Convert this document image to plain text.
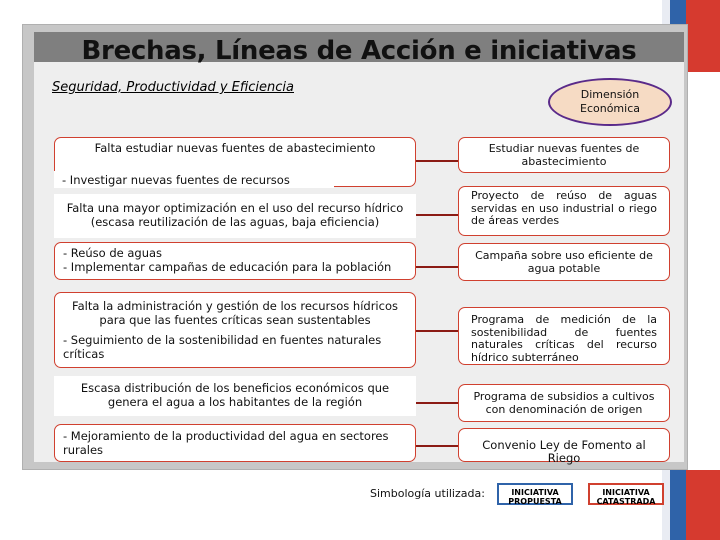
Brechas, Líneas de Acción e iniciativas
Seguridad, Productividad y Eficiencia	Dimensión Económica
Falta estudiar nuevas fuentes de abastecimiento
- Investigar nuevas fuentes de recursos
Falta una mayor optimización en el uso del recurso hídrico (escasa reutilización de las aguas, baja eficiencia)
- Reúso de aguas
- Implementar campañas de educación para la población
Falta la administración y gestión de los recursos hídricos para que las fuentes críticas sean sustentables
- Seguimiento de la sostenibilidad en fuentes naturales críticas
Escasa distribución de los beneficios económicos que genera el agua a los habitantes de la región
- Mejoramiento de la productividad del agua en sectores rurales
Estudiar nuevas fuentes de abastecimiento
Proyecto de reúso de aguas servidas en uso industrial o riego de áreas verdes
Campaña sobre uso eficiente de agua potable
Programa de medición de la sostenibilidad de fuentes naturales críticas del recurso hídrico subterráneo
Programa de subsidios a cultivos con denominación de origen
Convenio Ley de Fomento al Riego
Simbología utilizada:	INICIATIVA PROPUESTA
INICIATIVA CATASTRADA
